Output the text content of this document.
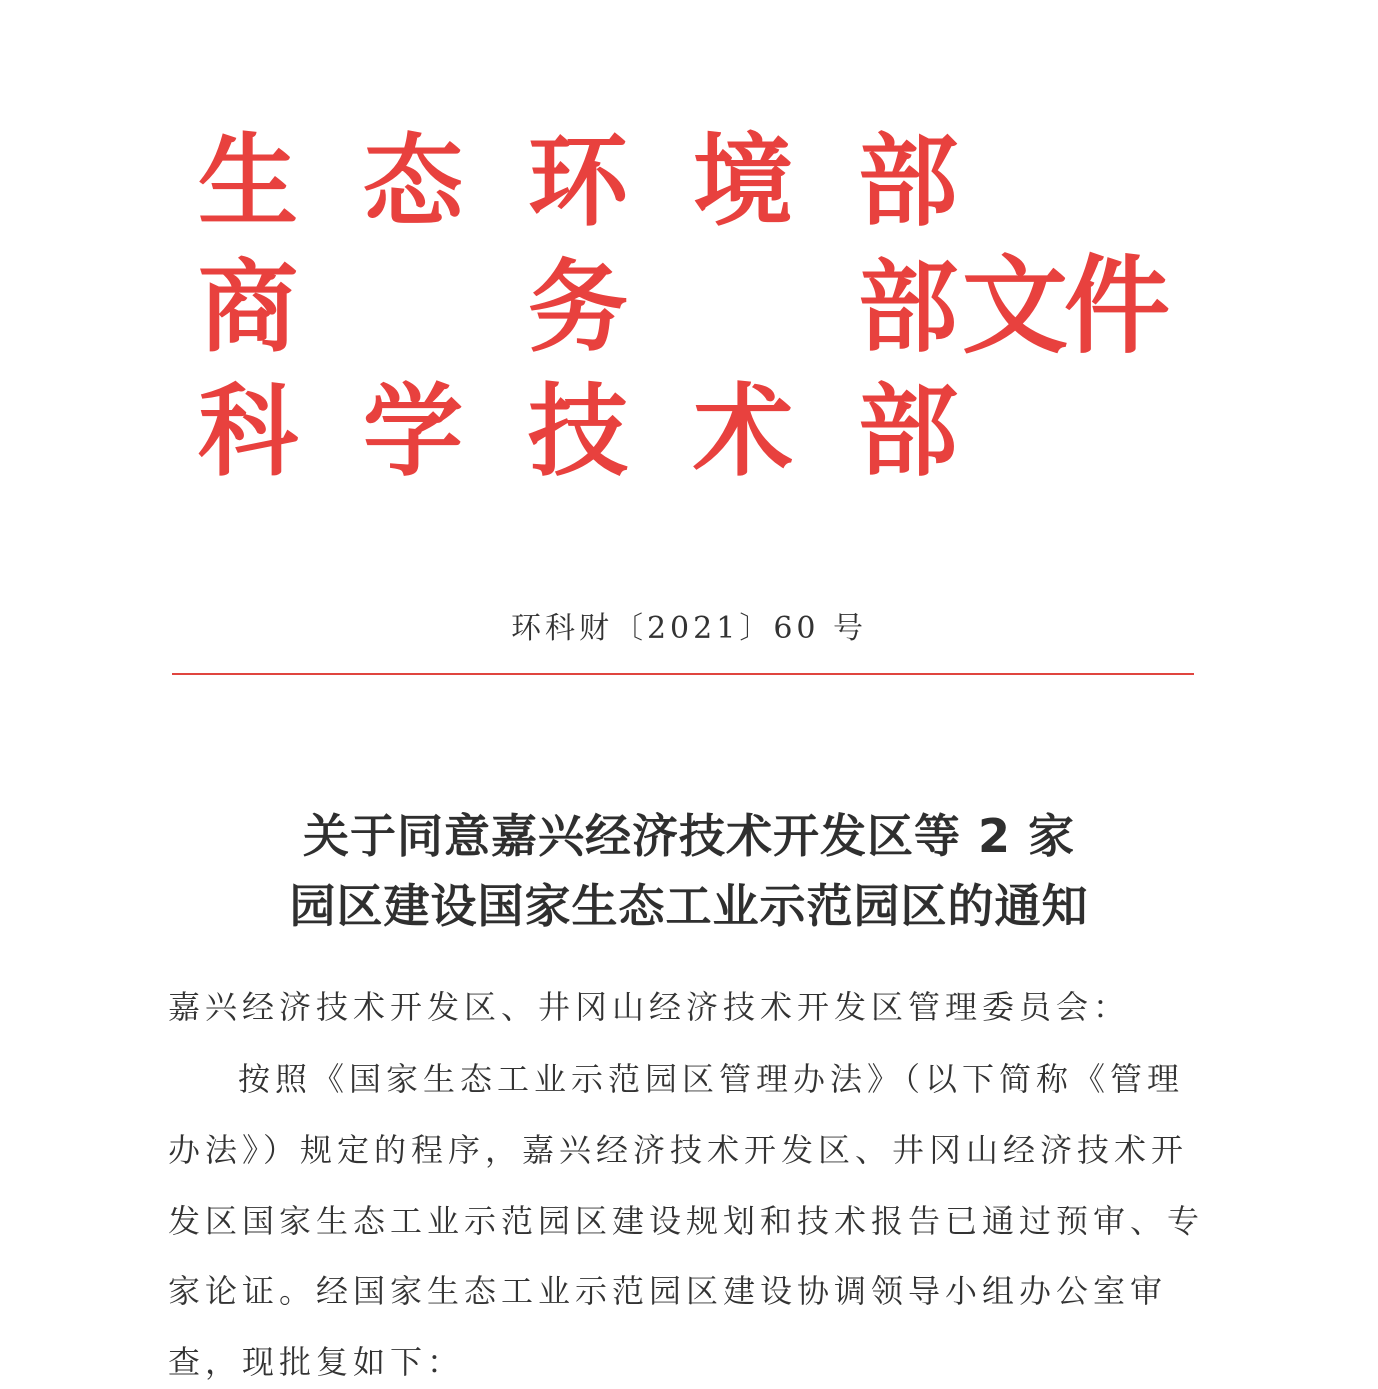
生 态 环 境 部
商 务 部
科 学 技 术 部
文件
环科财〔2021〕60 号
关于同意嘉兴经济技术开发区等 2 家
园区建设国家生态工业示范园区的通知
嘉兴经济技术开发区、井冈山经济技术开发区管理委员会：
按照《国家生态工业示范园区管理办法》（以下简称《管理
办法》）规定的程序，嘉兴经济技术开发区、井冈山经济技术开
发区国家生态工业示范园区建设规划和技术报告已通过预审、专
家论证。经国家生态工业示范园区建设协调领导小组办公室审
查，现批复如下：
